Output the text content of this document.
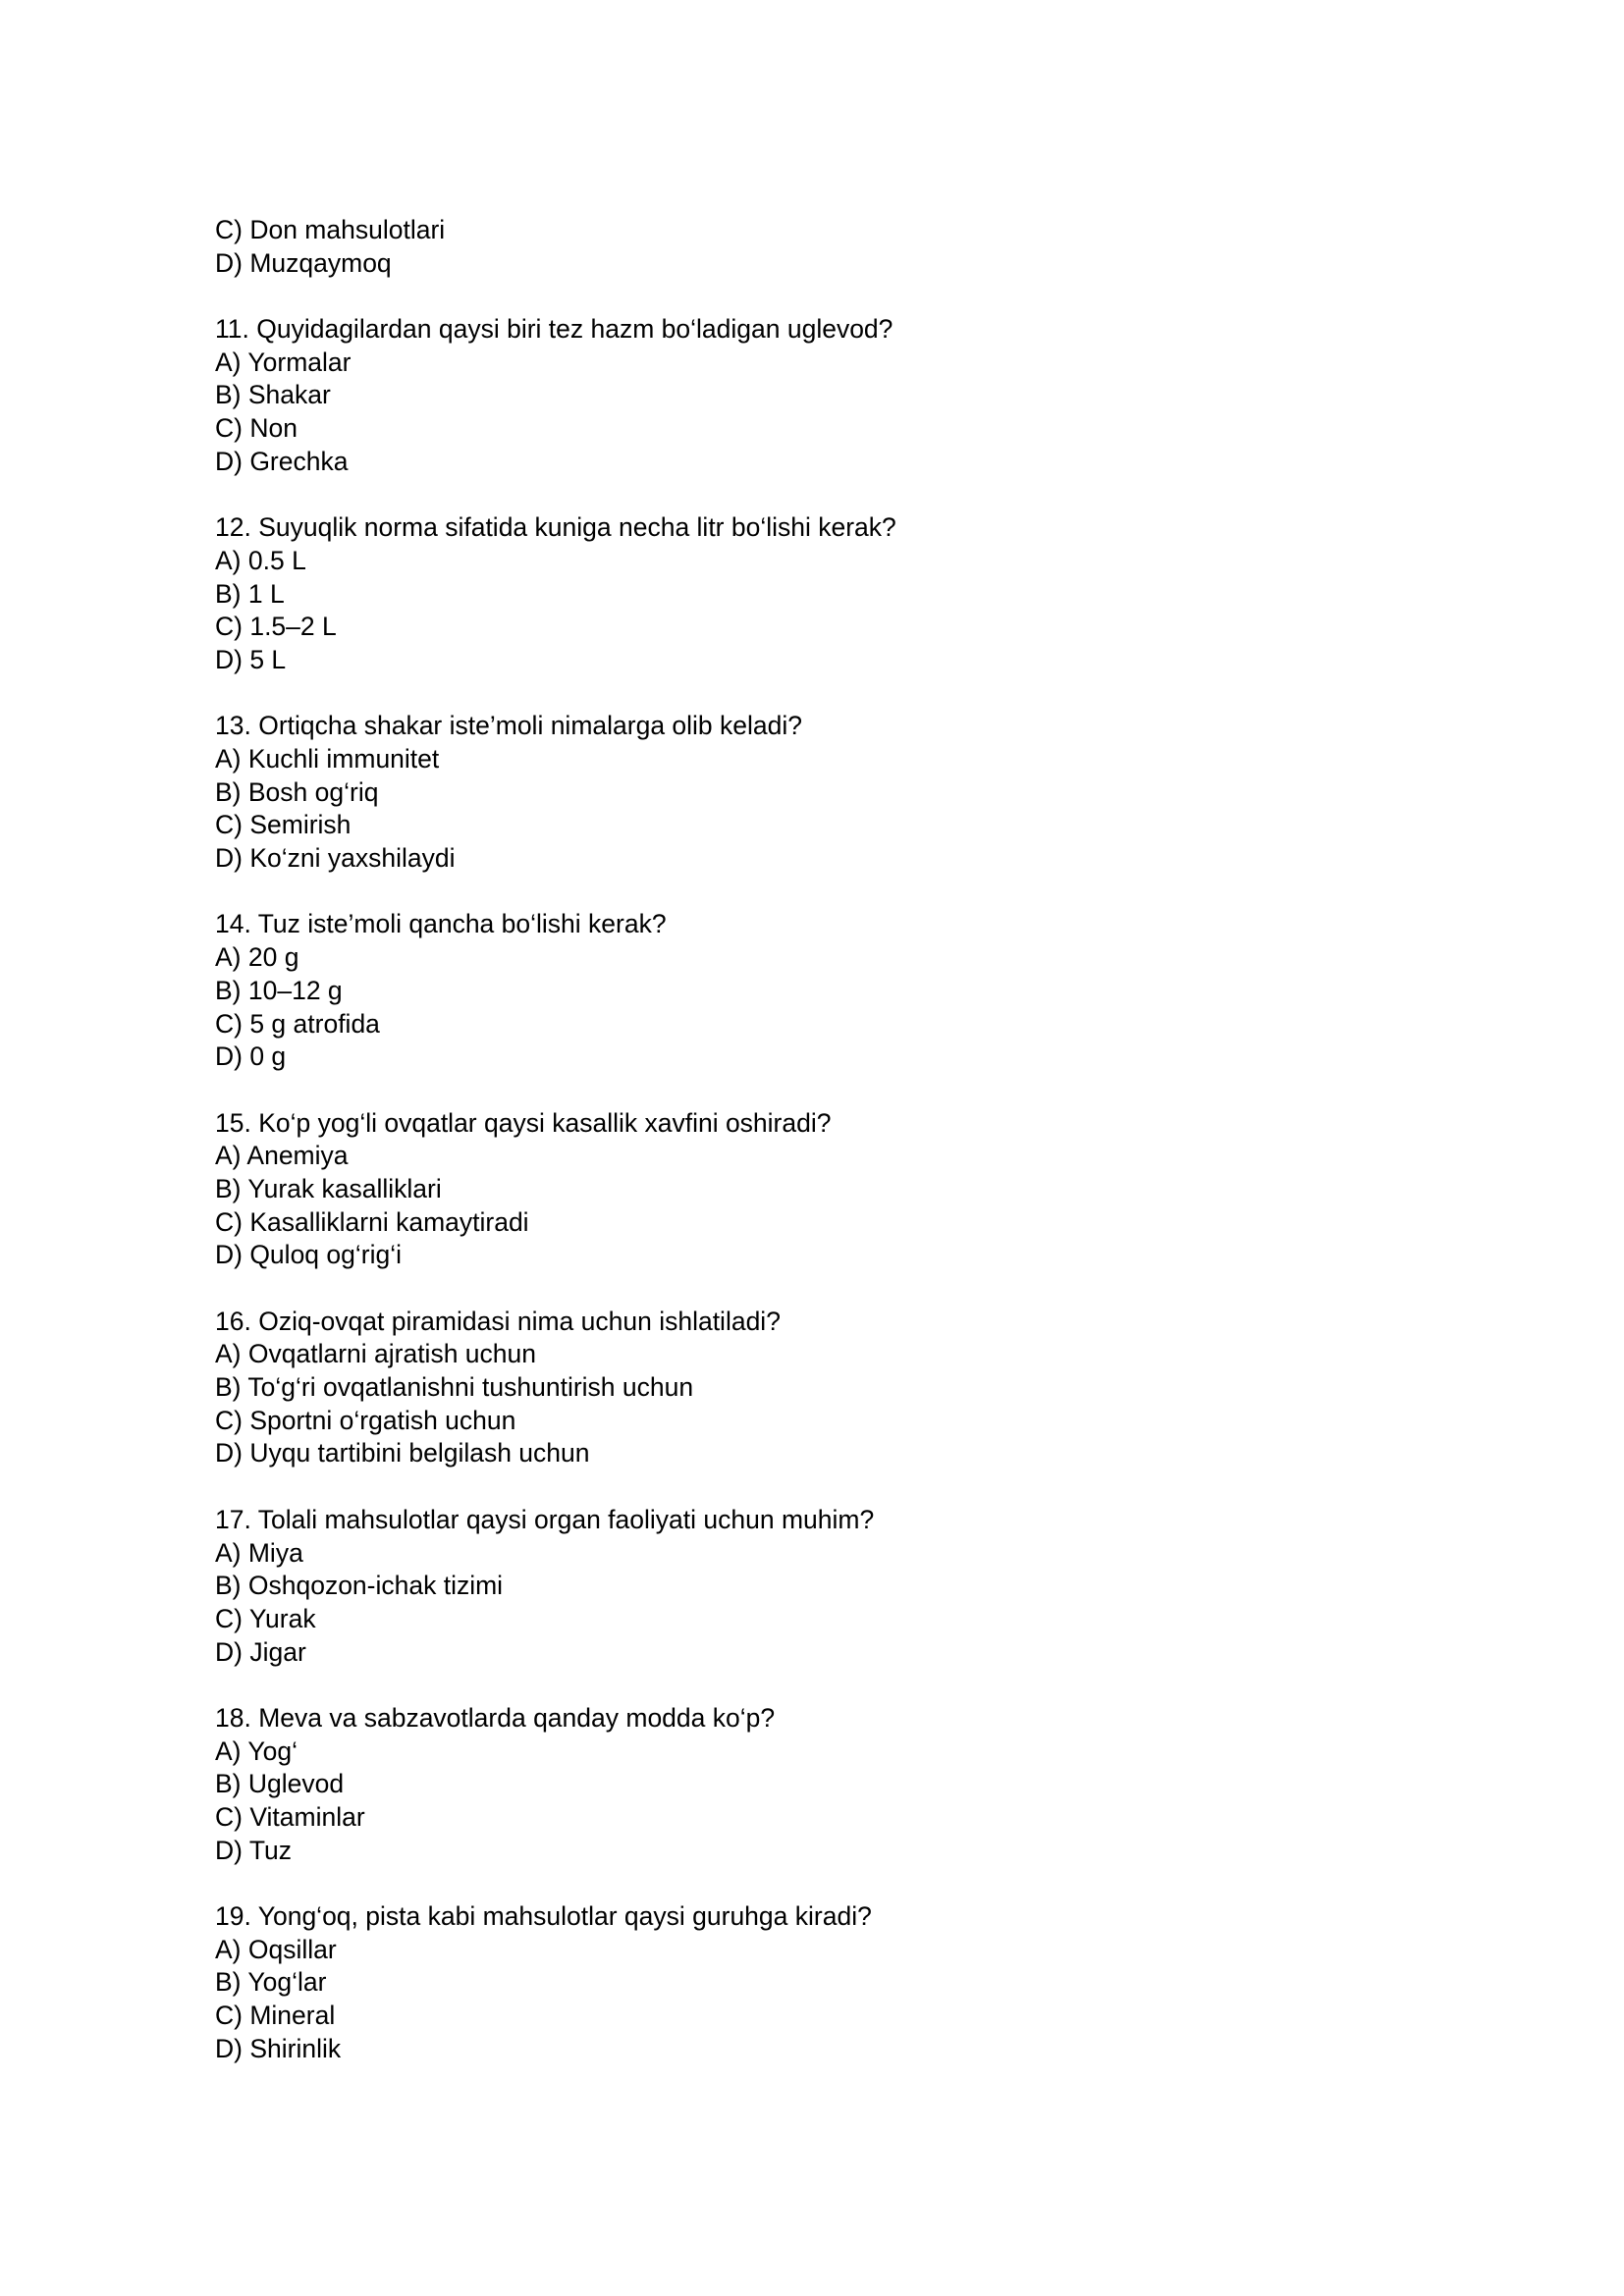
C) Don mahsulotlari
D) Muzqaymoq
11. Quyidagilardan qaysi biri tez hazm bo‘ladigan uglevod?
A) Yormalar
B) Shakar
C) Non
D) Grechka
12. Suyuqlik norma sifatida kuniga necha litr bo‘lishi kerak?
A) 0.5 L
B) 1 L
C) 1.5–2 L
D) 5 L
13. Ortiqcha shakar iste’moli nimalarga olib keladi?
A) Kuchli immunitet
B) Bosh og‘riq
C) Semirish
D) Ko‘zni yaxshilaydi
14. Tuz iste’moli qancha bo‘lishi kerak?
A) 20 g
B) 10–12 g
C) 5 g atrofida
D) 0 g
15. Ko‘p yog‘li ovqatlar qaysi kasallik xavfini oshiradi?
A) Anemiya
B) Yurak kasalliklari
C) Kasalliklarni kamaytiradi
D) Quloq og‘rig‘i
16. Oziq-ovqat piramidasi nima uchun ishlatiladi?
A) Ovqatlarni ajratish uchun
B) To‘g‘ri ovqatlanishni tushuntirish uchun
C) Sportni o‘rgatish uchun
D) Uyqu tartibini belgilash uchun
17. Tolali mahsulotlar qaysi organ faoliyati uchun muhim?
A) Miya
B) Oshqozon-ichak tizimi
C) Yurak
D) Jigar
18. Meva va sabzavotlarda qanday modda ko‘p?
A) Yog‘
B) Uglevod
C) Vitaminlar
D) Tuz
19. Yong‘oq, pista kabi mahsulotlar qaysi guruhga kiradi?
A) Oqsillar
B) Yog‘lar
C) Mineral
D) Shirinlik
